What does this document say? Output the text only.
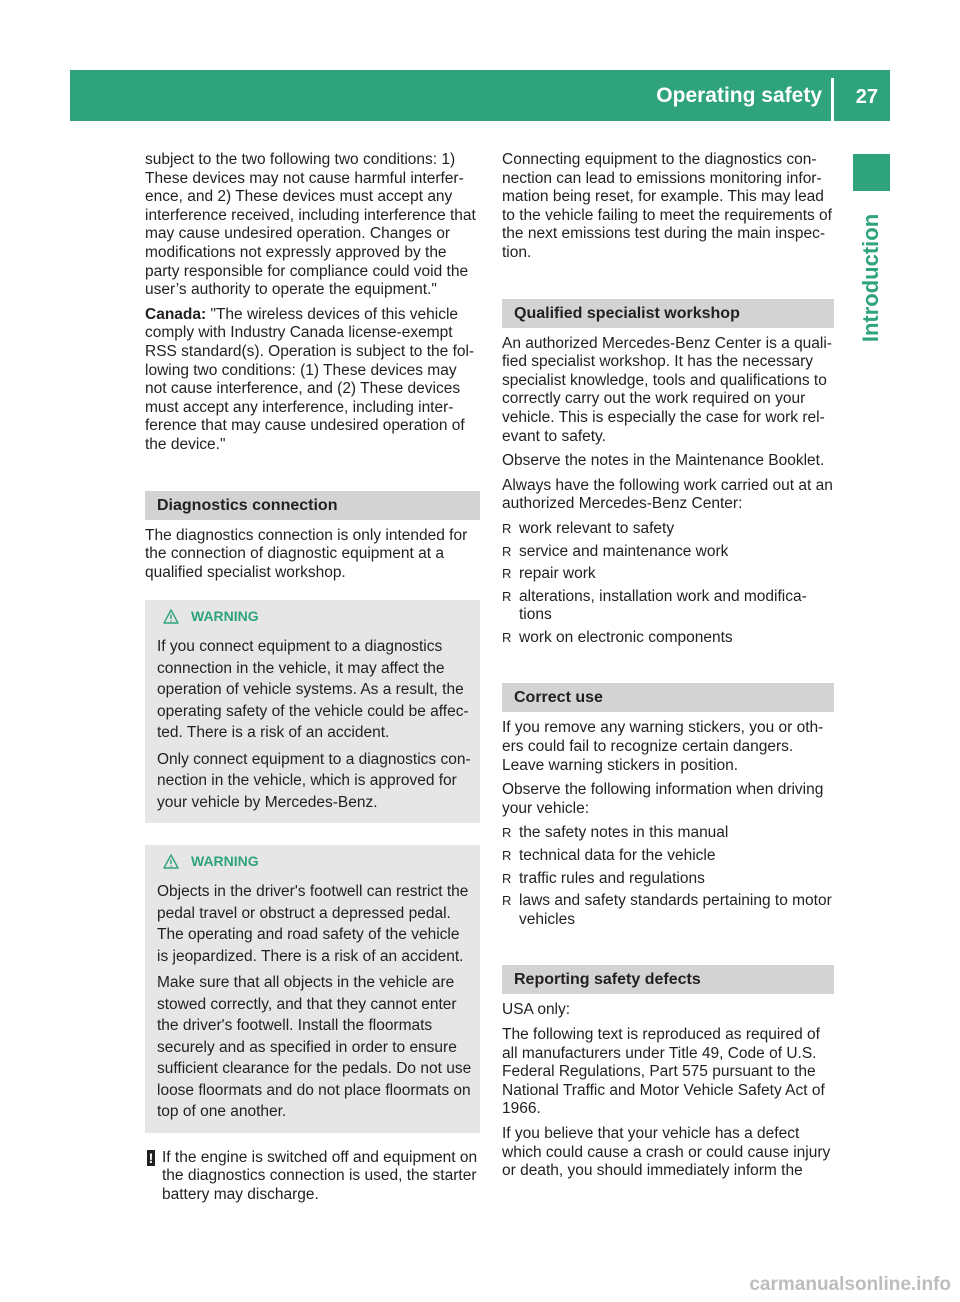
Operating safety 27
Introduction

subject to the two following two conditions: 1) These devices may not cause harmful interfer-ence, and 2) These devices must accept any interference received, including interference that may cause undesired operation. Changes or modifications not expressly approved by the party responsible for compliance could void the user’s authority to operate the equipment."

Canada: "The wireless devices of this vehicle comply with Industry Canada license-exempt RSS standard(s). Operation is subject to the fol-lowing two conditions: (1) These devices may not cause interference, and (2) These devices must accept any interference, including inter-ference that may cause undesired operation of the device."

Diagnostics connection

The diagnostics connection is only intended for the connection of diagnostic equipment at a qualified specialist workshop.

WARNING

If you connect equipment to a diagnostics connection in the vehicle, it may affect the operation of vehicle systems. As a result, the operating safety of the vehicle could be affec-ted. There is a risk of an accident.

Only connect equipment to a diagnostics con-nection in the vehicle, which is approved for your vehicle by Mercedes-Benz.

WARNING

Objects in the driver's footwell can restrict the pedal travel or obstruct a depressed pedal. The operating and road safety of the vehicle is jeopardized. There is a risk of an accident.

Make sure that all objects in the vehicle are stowed correctly, and that they cannot enter the driver's footwell. Install the floormats securely and as specified in order to ensure sufficient clearance for the pedals. Do not use loose floormats and do not place floormats on top of one another.

! If the engine is switched off and equipment on the diagnostics connection is used, the starter battery may discharge.

Connecting equipment to the diagnostics con-nection can lead to emissions monitoring infor-mation being reset, for example. This may lead to the vehicle failing to meet the requirements of the next emissions test during the main inspec-tion.

Qualified specialist workshop

An authorized Mercedes-Benz Center is a quali-fied specialist workshop. It has the necessary specialist knowledge, tools and qualifications to correctly carry out the work required on your vehicle. This is especially the case for work rel-evant to safety.

Observe the notes in the Maintenance Booklet.

Always have the following work carried out at an authorized Mercedes-Benz Center:

R work relevant to safety
R service and maintenance work
R repair work
R alterations, installation work and modifica-tions
R work on electronic components
Correct use

If you remove any warning stickers, you or oth-ers could fail to recognize certain dangers. Leave warning stickers in position.

Observe the following information when driving your vehicle:

R the safety notes in this manual
R technical data for the vehicle
R traffic rules and regulations
R laws and safety standards pertaining to motor vehicles
Reporting safety defects

USA only:

The following text is reproduced as required of all manufacturers under Title 49, Code of U.S. Federal Regulations, Part 575 pursuant to the National Traffic and Motor Vehicle Safety Act of 1966.

If you believe that your vehicle has a defect which could cause a crash or could cause injury or death, you should immediately inform the

carmanualsonline.info
